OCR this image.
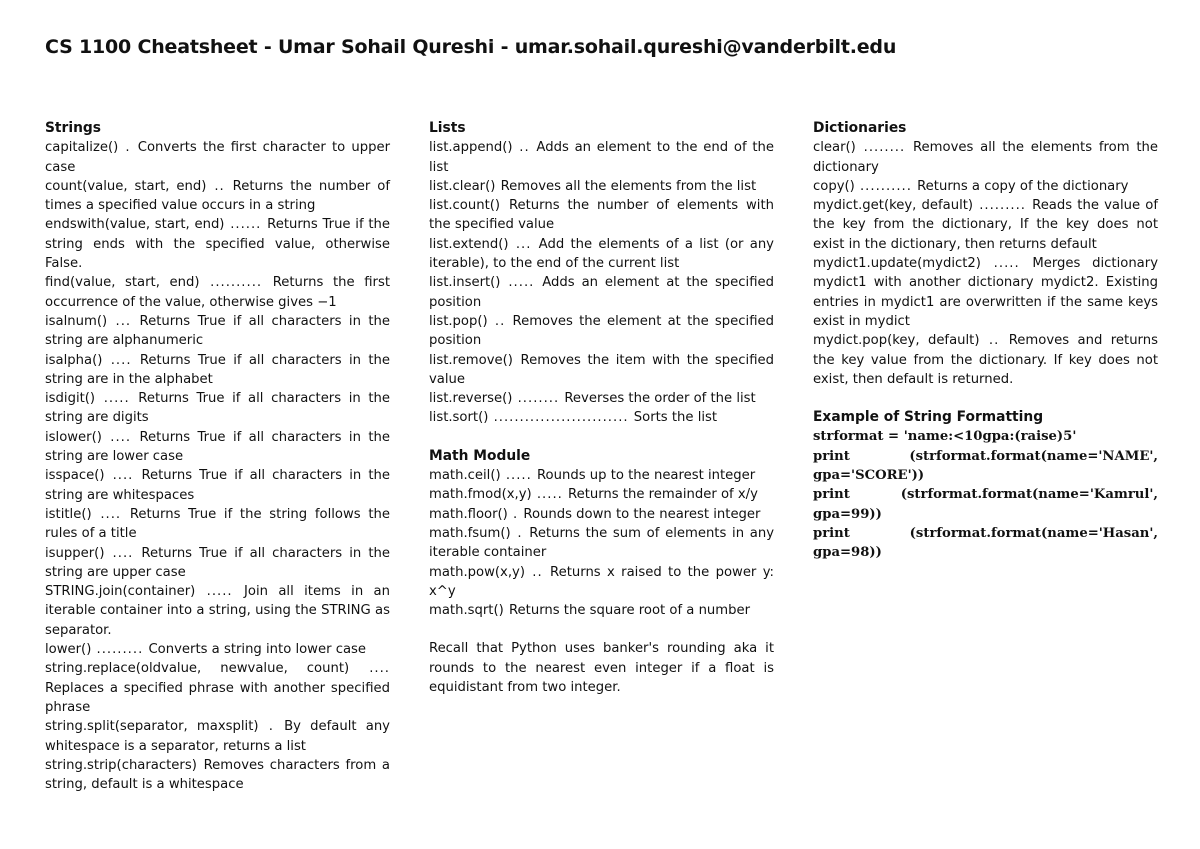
CS 1100 Cheatsheet - Umar Sohail Qureshi - umar.sohail.qureshi@vanderbilt.edu
Strings
capitalize() . Converts the first character to upper case
count(value, start, end) .. Returns the number of times a specified value occurs in a string
endswith(value, start, end) ...... Returns True if the string ends with the specified value, otherwise False.
find(value, start, end) .......... Returns the first occurrence of the value, otherwise gives −1
isalnum() ... Returns True if all characters in the string are alphanumeric
isalpha() .... Returns True if all characters in the string are in the alphabet
isdigit() ..... Returns True if all characters in the string are digits
islower() .... Returns True if all characters in the string are lower case
isspace() .... Returns True if all characters in the string are whitespaces
istitle() .... Returns True if the string follows the rules of a title
isupper() .... Returns True if all characters in the string are upper case
STRING.join(container) ..... Join all items in an iterable container into a string, using the STRING as separator.
lower() ......... Converts a string into lower case
string.replace(oldvalue, newvalue, count) .... Replaces a specified phrase with another specified phrase
string.split(separator, maxsplit) . By default any whitespace is a separator, returns a list
string.strip(characters) Removes characters from a string, default is a whitespace
Lists
list.append() .. Adds an element to the end of the list
list.clear() Removes all the elements from the list
list.count() Returns the number of elements with the specified value
list.extend() ... Add the elements of a list (or any iterable), to the end of the current list
list.insert() ..... Adds an element at the specified position
list.pop() .. Removes the element at the specified position
list.remove() Removes the item with the specified value
list.reverse() ........ Reverses the order of the list
list.sort() .......................... Sorts the list
Math Module
math.ceil() ..... Rounds up to the nearest integer
math.fmod(x,y) ..... Returns the remainder of x/y
math.floor() . Rounds down to the nearest integer
math.fsum() . Returns the sum of elements in any iterable container
math.pow(x,y) .. Returns x raised to the power y: x^y
math.sqrt() Returns the square root of a number
Recall that Python uses banker's rounding aka it rounds to the nearest even integer if a float is equidistant from two integer.
Dictionaries
clear() ........ Removes all the elements from the dictionary
copy() .......... Returns a copy of the dictionary
mydict.get(key, default) ......... Reads the value of the key from the dictionary, If the key does not exist in the dictionary, then returns default
mydict1.update(mydict2) ..... Merges dictionary mydict1 with another dictionary mydict2. Existing entries in mydict1 are overwritten if the same keys exist in mydict
mydict.pop(key, default) .. Removes and returns the key value from the dictionary. If key does not exist, then default is returned.
Example of String Formatting
strformat = 'name:<10gpa:(raise)5'
print (strformat.format(name='NAME', gpa='SCORE'))
print (strformat.format(name='Kamrul', gpa=99))
print (strformat.format(name='Hasan', gpa=98))
